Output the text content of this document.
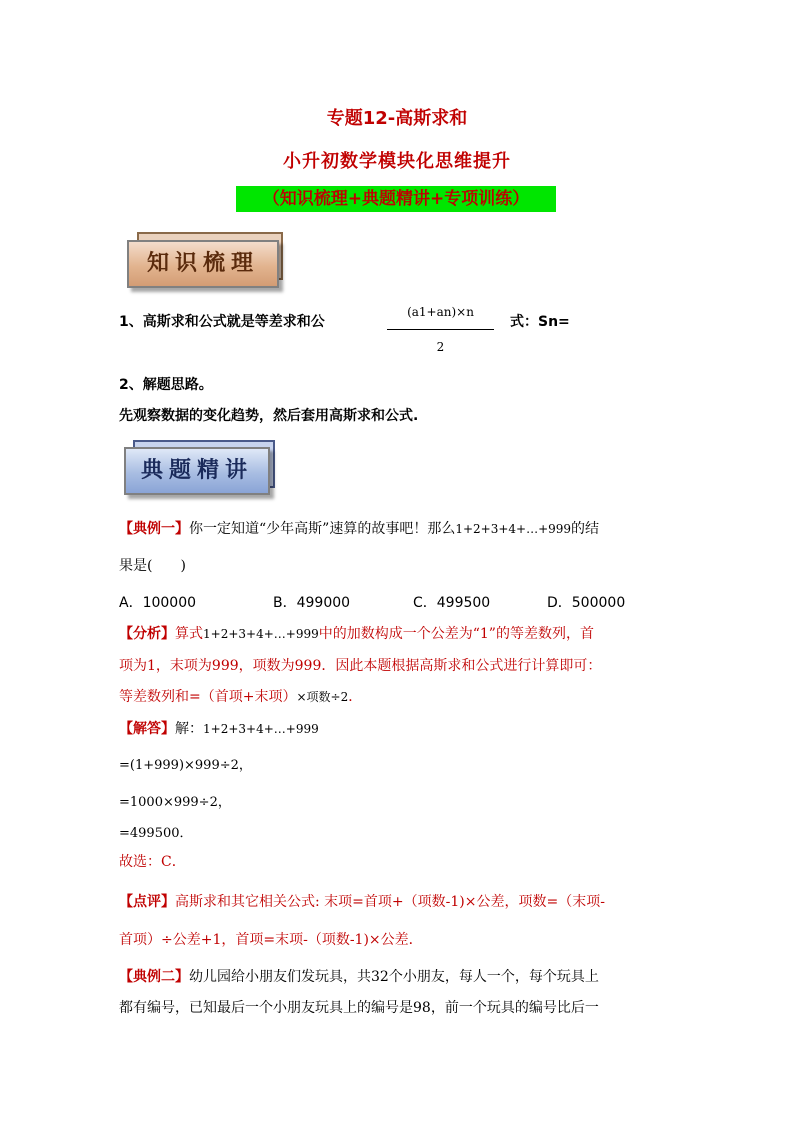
专题12-高斯求和
小升初数学模块化思维提升
（知识梳理+典题精讲+专项训练）
知识梳理
1、高斯求和公式就是等差求和公
(a1+an)×n
2
式：Sn=
2、解题思路。
先观察数据的变化趋势，然后套用高斯求和公式.
典题精讲
【典例一】你一定知道“少年高斯”速算的故事吧！那么1+2+3+4+…+999的结
果是(　　)
A．100000	B．499000	C．499500	D．500000
【分析】算式1+2+3+4+…+999中的加数构成一个公差为“1”的等差数列，首
项为1，末项为999，项数为999．因此本题根据高斯求和公式进行计算即可：
等差数列和=（首项+末项）×项数÷2．
【解答】解：1+2+3+4+…+999
=(1+999)×999÷2，
=1000×999÷2，
=499500．
故选：C．
【点评】高斯求和其它相关公式: 末项=首项+（项数-1)×公差，项数=（末项-
首项）÷公差+1，首项=末项-（项数-1)×公差．
【典例二】幼儿园给小朋友们发玩具，共32个小朋友，每人一个，每个玩具上
都有编号，已知最后一个小朋友玩具上的编号是98，前一个玩具的编号比后一
